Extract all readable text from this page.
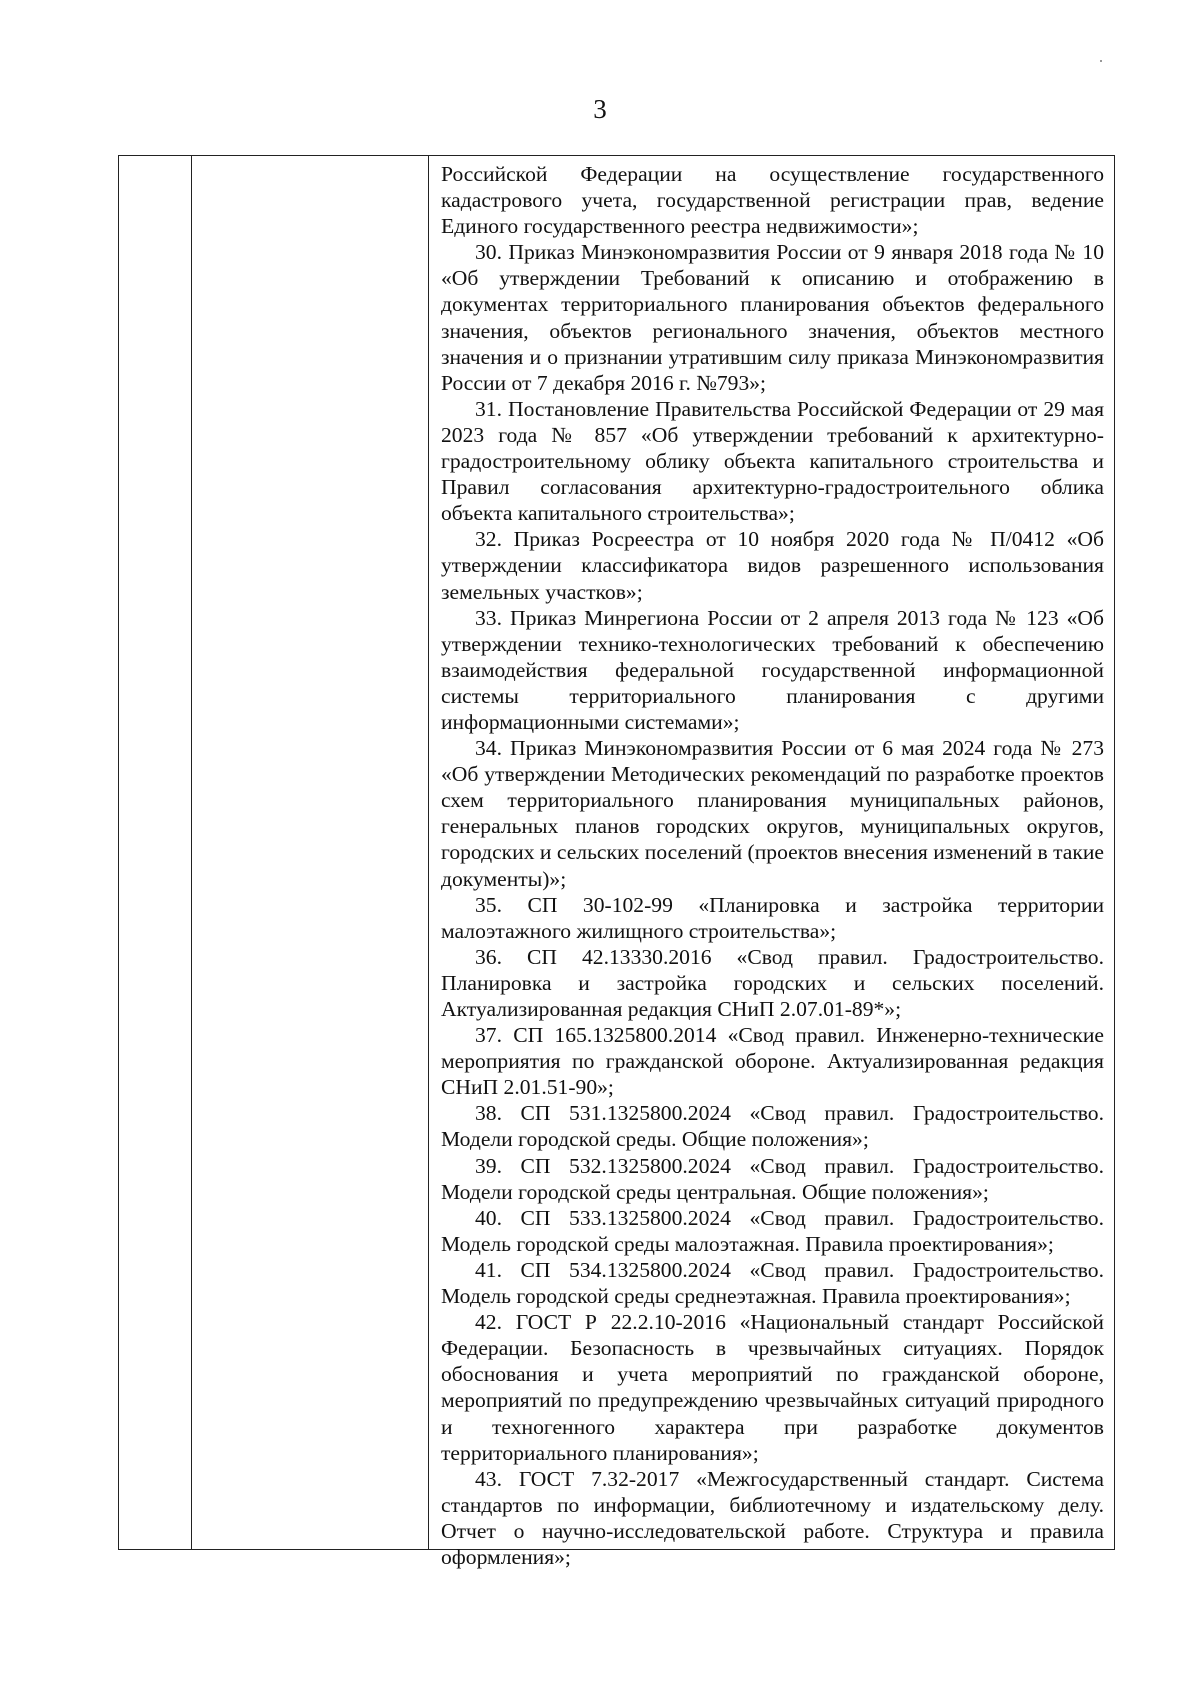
3

Российской Федерации на осуществление государственного кадастрового учета, государственной регистрации прав, ведение Единого государственного реестра недвижимости»;

30. Приказ Минэкономразвития России от 9 января 2018 года № 10 «Об утверждении Требований к описанию и отображению в документах территориального планирования объектов федерального значения, объектов регионального значения, объектов местного значения и о признании утратившим силу приказа Минэкономразвития России от 7 декабря 2016 г. №793»;

31. Постановление Правительства Российской Федерации от 29 мая 2023 года № 857 «Об утверждении требований к архитектурно-градостроительному облику объекта капитального строительства и Правил согласования архитектурно-градостроительного облика объекта капитального строительства»;

32. Приказ Росреестра от 10 ноября 2020 года № П/0412 «Об утверждении классификатора видов разрешенного использования земельных участков»;

33. Приказ Минрегиона России от 2 апреля 2013 года № 123 «Об утверждении технико-технологических требований к обеспечению взаимодействия федеральной государственной информационной системы территориального планирования с другими информационными системами»;

34. Приказ Минэкономразвития России от 6 мая 2024 года № 273 «Об утверждении Методических рекомендаций по разработке проектов схем территориального планирования муниципальных районов, генеральных планов городских округов, муниципальных округов, городских и сельских поселений (проектов внесения изменений в такие документы)»;

35. СП 30-102-99 «Планировка и застройка территории малоэтажного жилищного строительства»;

36. СП 42.13330.2016 «Свод правил. Градостроительство. Планировка и застройка городских и сельских поселений. Актуализированная редакция СНиП 2.07.01-89*»;

37. СП 165.1325800.2014 «Свод правил. Инженерно-технические мероприятия по гражданской обороне. Актуализированная редакция СНиП 2.01.51-90»;

38. СП 531.1325800.2024 «Свод правил. Градостроительство. Модели городской среды. Общие положения»;

39. СП 532.1325800.2024 «Свод правил. Градостроительство. Модели городской среды центральная. Общие положения»;

40. СП 533.1325800.2024 «Свод правил. Градостроительство. Модель городской среды малоэтажная. Правила проектирования»;

41. СП 534.1325800.2024 «Свод правил. Градостроительство. Модель городской среды среднеэтажная. Правила проектирования»;

42. ГОСТ Р 22.2.10-2016 «Национальный стандарт Российской Федерации. Безопасность в чрезвычайных ситуациях. Порядок обоснования и учета мероприятий по гражданской обороне, мероприятий по предупреждению чрезвычайных ситуаций природного и техногенного характера при разработке документов территориального планирования»;

43. ГОСТ 7.32-2017 «Межгосударственный стандарт. Система стандартов по информации, библиотечному и издательскому делу. Отчет о научно-исследовательской работе. Структура и правила оформления»;
